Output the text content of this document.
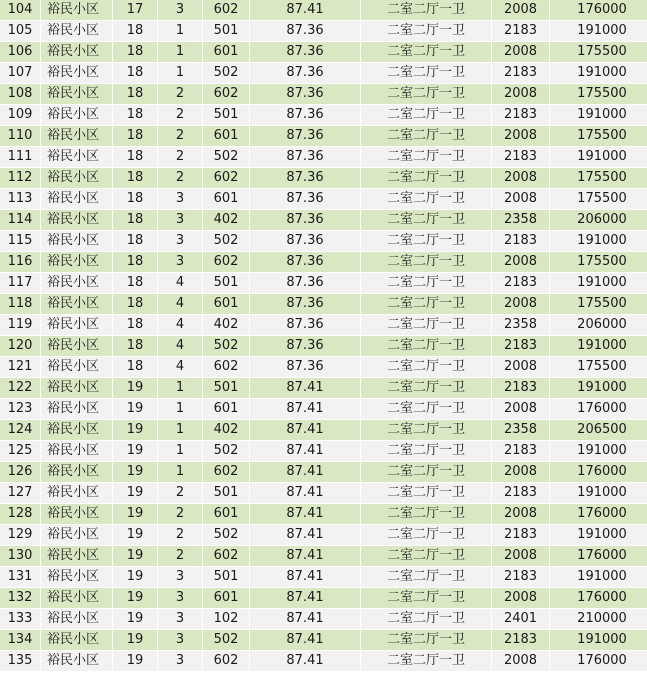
104	裕民小区	17	3	602	87.41	二室二厅一卫	2008	176000
105	裕民小区	18	1	501	87.36	二室二厅一卫	2183	191000
106	裕民小区	18	1	601	87.36	二室二厅一卫	2008	175500
107	裕民小区	18	1	502	87.36	二室二厅一卫	2183	191000
108	裕民小区	18	2	602	87.36	二室二厅一卫	2008	175500
109	裕民小区	18	2	501	87.36	二室二厅一卫	2183	191000
110	裕民小区	18	2	601	87.36	二室二厅一卫	2008	175500
111	裕民小区	18	2	502	87.36	二室二厅一卫	2183	191000
112	裕民小区	18	2	602	87.36	二室二厅一卫	2008	175500
113	裕民小区	18	3	601	87.36	二室二厅一卫	2008	175500
114	裕民小区	18	3	402	87.36	二室二厅一卫	2358	206000
115	裕民小区	18	3	502	87.36	二室二厅一卫	2183	191000
116	裕民小区	18	3	602	87.36	二室二厅一卫	2008	175500
117	裕民小区	18	4	501	87.36	二室二厅一卫	2183	191000
118	裕民小区	18	4	601	87.36	二室二厅一卫	2008	175500
119	裕民小区	18	4	402	87.36	二室二厅一卫	2358	206000
120	裕民小区	18	4	502	87.36	二室二厅一卫	2183	191000
121	裕民小区	18	4	602	87.36	二室二厅一卫	2008	175500
122	裕民小区	19	1	501	87.41	二室二厅一卫	2183	191000
123	裕民小区	19	1	601	87.41	二室二厅一卫	2008	176000
124	裕民小区	19	1	402	87.41	二室二厅一卫	2358	206500
125	裕民小区	19	1	502	87.41	二室二厅一卫	2183	191000
126	裕民小区	19	1	602	87.41	二室二厅一卫	2008	176000
127	裕民小区	19	2	501	87.41	二室二厅一卫	2183	191000
128	裕民小区	19	2	601	87.41	二室二厅一卫	2008	176000
129	裕民小区	19	2	502	87.41	二室二厅一卫	2183	191000
130	裕民小区	19	2	602	87.41	二室二厅一卫	2008	176000
131	裕民小区	19	3	501	87.41	二室二厅一卫	2183	191000
132	裕民小区	19	3	601	87.41	二室二厅一卫	2008	176000
133	裕民小区	19	3	102	87.41	二室二厅一卫	2401	210000
134	裕民小区	19	3	502	87.41	二室二厅一卫	2183	191000
135	裕民小区	19	3	602	87.41	二室二厅一卫	2008	176000
